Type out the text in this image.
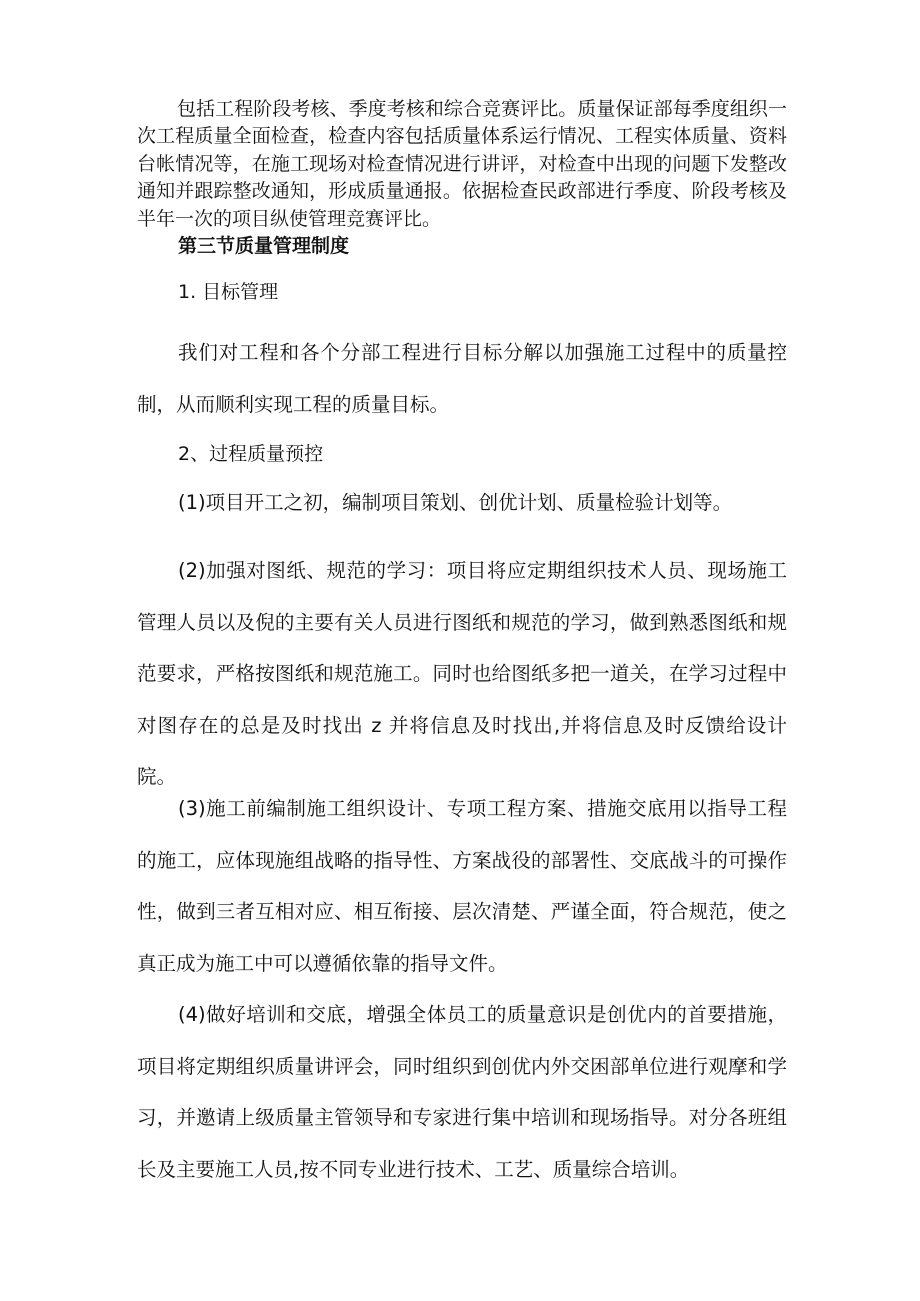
包括工程阶段考核、季度考核和综合竞赛评比。质量保证部每季度组织一次工程质量全面检查，检查内容包括质量体系运行情况、工程实体质量、资料台帐情况等，在施工现场对检查情况进行讲评，对检查中出现的问题下发整改通知并跟踪整改通知，形成质量通报。依据检查民政部进行季度、阶段考核及半年一次的项目纵使管理竞赛评比。

第三节质量管理制度

1. 目标管理

我们对工程和各个分部工程进行目标分解以加强施工过程中的质量控制，从而顺利实现工程的质量目标。

2、过程质量预控

(1)项目开工之初，编制项目策划、创优计划、质量检验计划等。

(2)加强对图纸、规范的学习：项目将应定期组织技术人员、现场施工管理人员以及倪的主要有关人员进行图纸和规范的学习，做到熟悉图纸和规范要求，严格按图纸和规范施工。同时也给图纸多把一道关，在学习过程中对图存在的总是及时找出 z 并将信息及时找出,并将信息及时反馈给设计院。

(3)施工前编制施工组织设计、专项工程方案、措施交底用以指导工程的施工，应体现施组战略的指导性、方案战役的部署性、交底战斗的可操作性，做到三者互相对应、相互衔接、层次清楚、严谨全面，符合规范，使之真正成为施工中可以遵循依靠的指导文件。

(4)做好培训和交底，增强全体员工的质量意识是创优内的首要措施，项目将定期组织质量讲评会，同时组织到创优内外交困部单位进行观摩和学习，并邀请上级质量主管领导和专家进行集中培训和现场指导。对分各班组长及主要施工人员,按不同专业进行技术、工艺、质量综合培训。
